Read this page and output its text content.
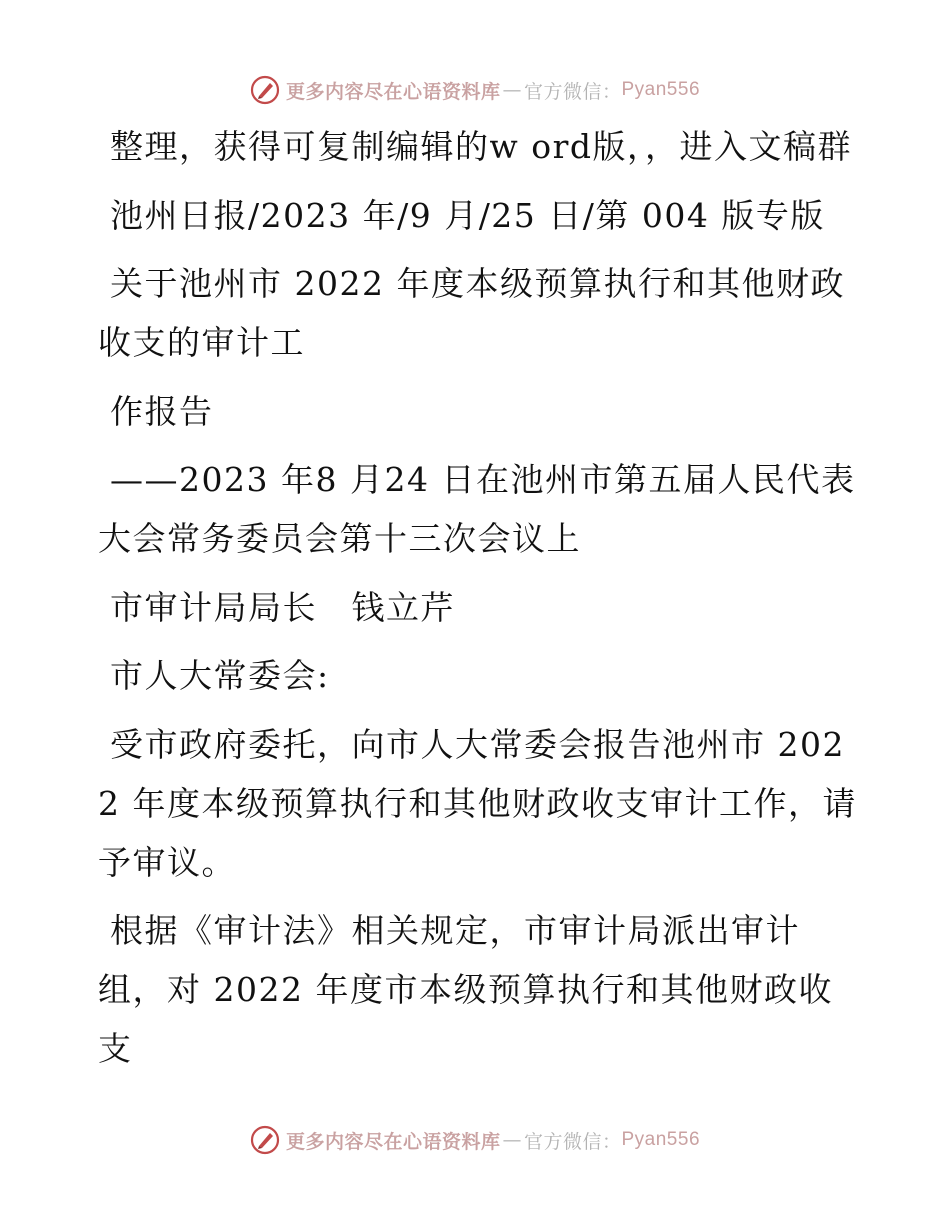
更多内容尽在心语资料库 — 官方微信： Pyan556

整理，获得可复制编辑的w ord版，，进入文稿群

池州日报/2023 年/9 月/25 日/第 004 版专版

关于池州市 2022 年度本级预算执行和其他财政收支的审计工

作报告

——2023 年8 月24 日在池州市第五届人民代表大会常务委员会第十三次会议上

市审计局局长　钱立芹

市人大常委会:

受市政府委托，向市人大常委会报告池州市 2022 年度本级预算执行和其他财政收支审计工作，请予审议。

根据《审计法》相关规定，市审计局派出审计组，对 2022 年度市本级预算执行和其他财政收支

更多内容尽在心语资料库 — 官方微信： Pyan556
